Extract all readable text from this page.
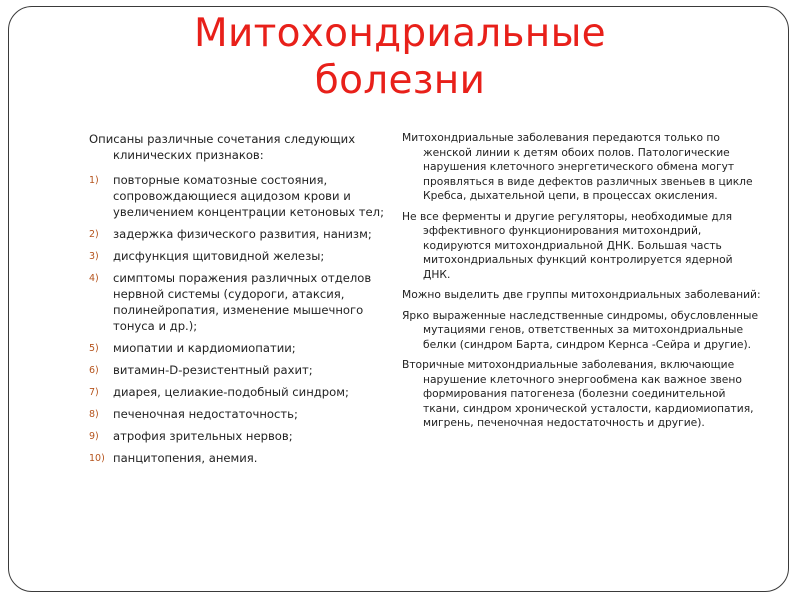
Митохондриальные
болезни

Описаны различные сочетания следующих клинических признаков:

1) повторные коматозные состояния, сопровождающиеся ацидозом крови и увеличением концентрации кетоновых тел;
2) задержка физического развития, нанизм;
3) дисфункция щитовидной железы;
4) симптомы поражения различных отделов нервной системы (судороги, атаксия, полинейропатия, изменение мышечного тонуса и др.);
5) миопатии и кардиомиопатии;
6) витамин-D-резистентный рахит;
7) диарея, целиакие-подобный синдром;
8) печеночная недостаточность;
9) атрофия зрительных нервов;
10) панцитопения, анемия.

Митохондриальные заболевания передаются только по женской линии к детям обоих полов. Патологические нарушения клеточного энергетического обмена могут проявляться в виде дефектов различных звеньев в цикле Кребса, дыхательной цепи, в процессах окисления.

Не все ферменты и другие регуляторы, необходимые для эффективного функционирования митохондрий, кодируются митохондриальной ДНК. Большая часть митохондриальных функций контролируется ядерной ДНК.

Можно выделить две группы митохондриальных заболеваний:

Ярко выраженные наследственные синдромы, обусловленные мутациями генов, ответственных за митохондриальные белки (синдром Барта, синдром Кернса -Сейра и другие).

Вторичные митохондриальные заболевания, включающие нарушение клеточного энергообмена как важное звено формирования патогенеза (болезни соединительной ткани, синдром хронической усталости, кардиомиопатия, мигрень, печеночная недостаточность и другие).
